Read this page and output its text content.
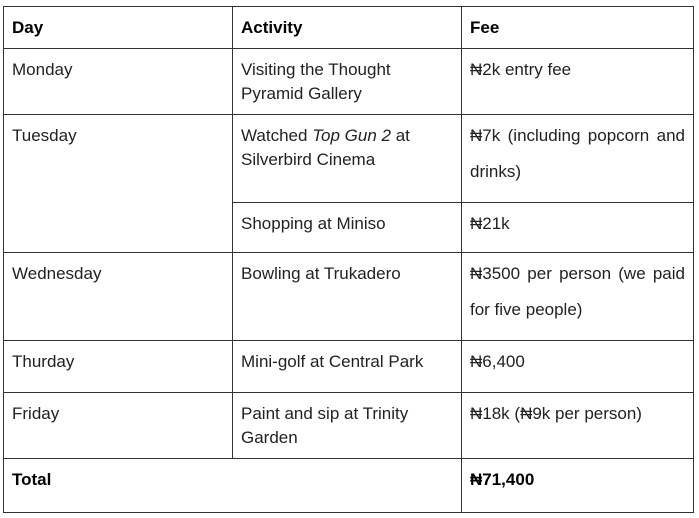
Day	Activity	Fee
Monday	Visiting the Thought Pyramid Gallery	₦2k entry fee
Tuesday	Watched Top Gun 2 at Silverbird Cinema	₦7k (including popcorn and drinks)

	Shopping at Miniso	₦21k
Wednesday	Bowling at Trukadero	₦3500 per person (we paid for five people)

Thurday	Mini-golf at Central Park	₦6,400
Friday	Paint and sip at Trinity Garden	₦18k (₦9k per person)
Total		₦71,400
